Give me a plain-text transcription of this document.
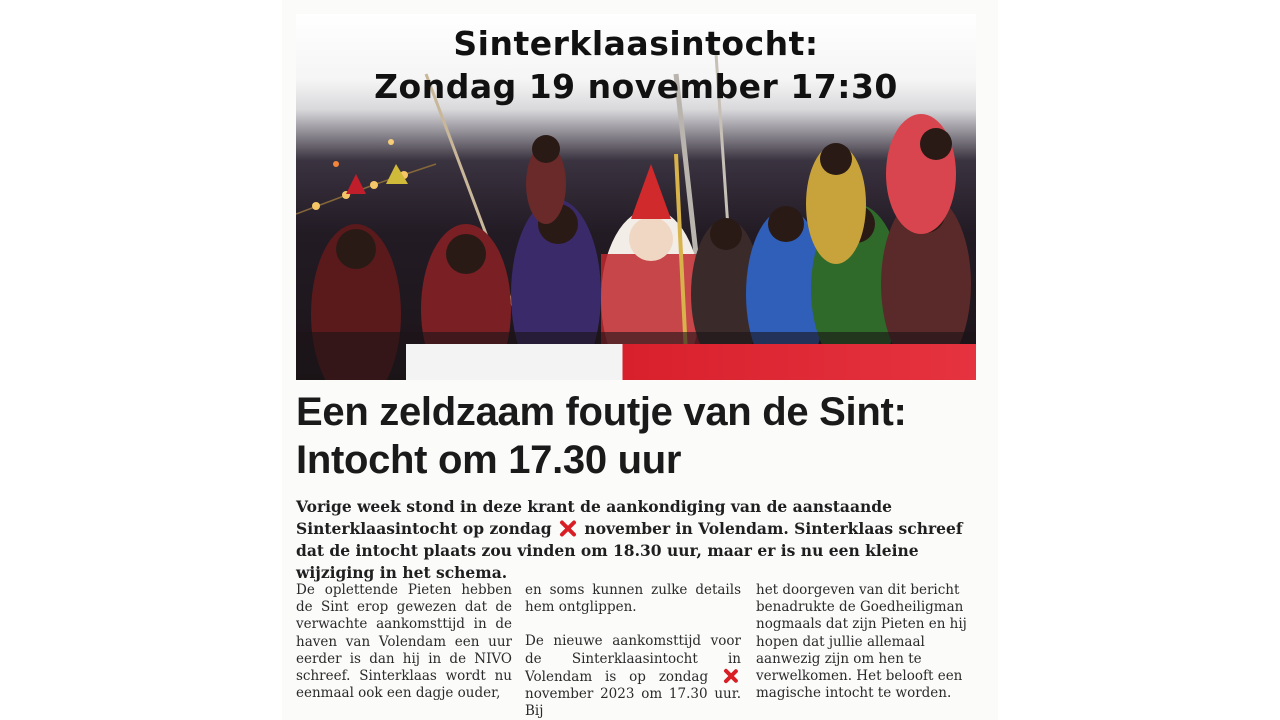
Sinterklaasintocht:
Zondag 19 november 17:30
Een zeldzaam foutje van de Sint:
Intocht om 17.30 uur
Vorige week stond in deze krant de aankondiging van de aanstaande Sinterklaasintocht op zondag november in Volendam. Sinterklaas schreef dat de intocht plaats zou vinden om 18.30 uur, maar er is nu een kleine wijziging in het schema.

De oplettende Pieten hebben de Sint erop gewezen dat de verwachte aankomsttijd in de haven van Volendam een uur eerder is dan hij in de NIVO schreef. Sinterklaas wordt nu eenmaal ook een dagje ouder,

en soms kunnen zulke details hem ontglippen.

De nieuwe aankomsttijd voor de Sinterklaasintocht in Volendam is op zondag  november 2023 om 17.30 uur. Bij

het doorgeven van dit bericht benadrukte de Goedheiligman nogmaals dat zijn Pieten en hij hopen dat jullie allemaal aanwezig zijn om hen te verwelkomen. Het belooft een magische intocht te worden.
